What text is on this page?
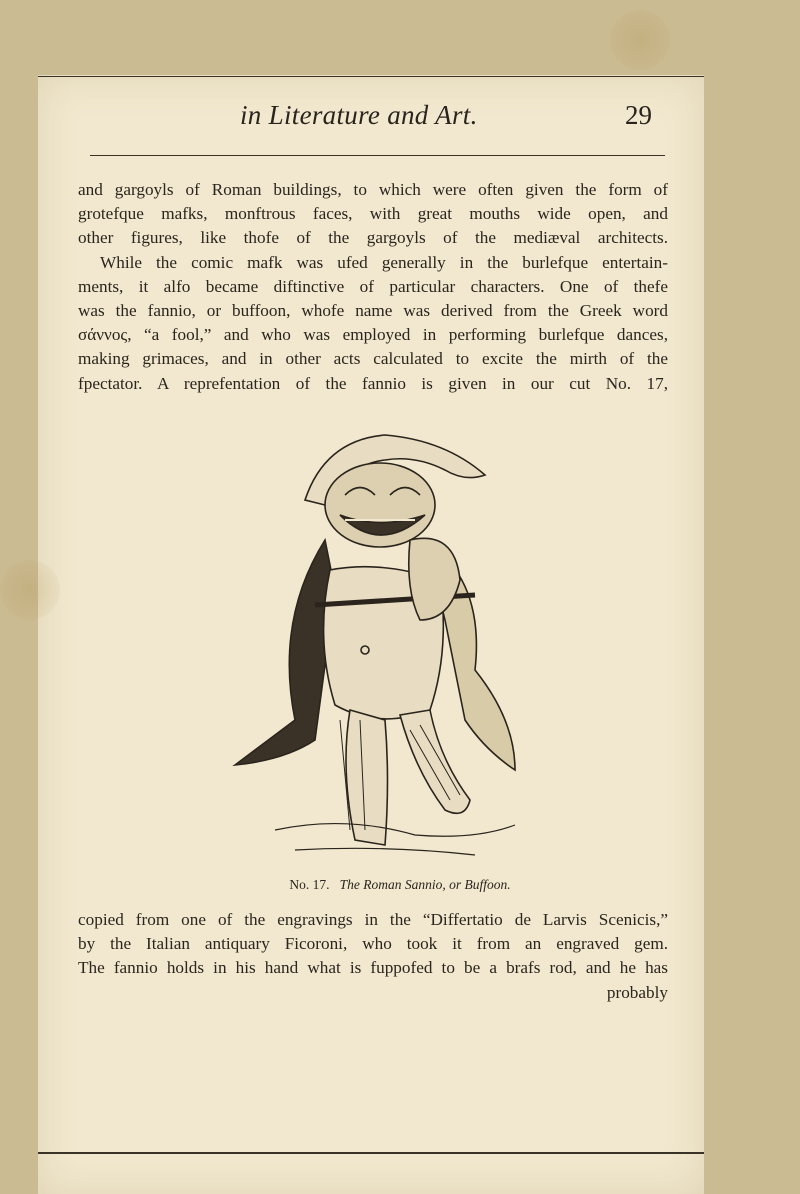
in Literature and Art.	29
and gargoyls of Roman buildings, to which were often given the form of
grotefque mafks, monftrous faces, with great mouths wide open, and
other figures, like thofe of the gargoyls of the mediæval architects.
While the comic mafk was ufed generally in the burlefque entertain-
ments, it alfo became diftinctive of particular characters. One of thefe
was the fannio, or buffoon, whofe name was derived from the Greek word
σάννος, “a fool,” and who was employed in performing burlefque dances,
making grimaces, and in other acts calculated to excite the mirth of the
fpectator. A reprefentation of the fannio is given in our cut No. 17,
No. 17. The Roman Sannio, or Buffoon.
copied from one of the engravings in the “Differtatio de Larvis Scenicis,”
by the Italian antiquary Ficoroni, who took it from an engraved gem.
The fannio holds in his hand what is fuppofed to be a brafs rod, and he has
probably
